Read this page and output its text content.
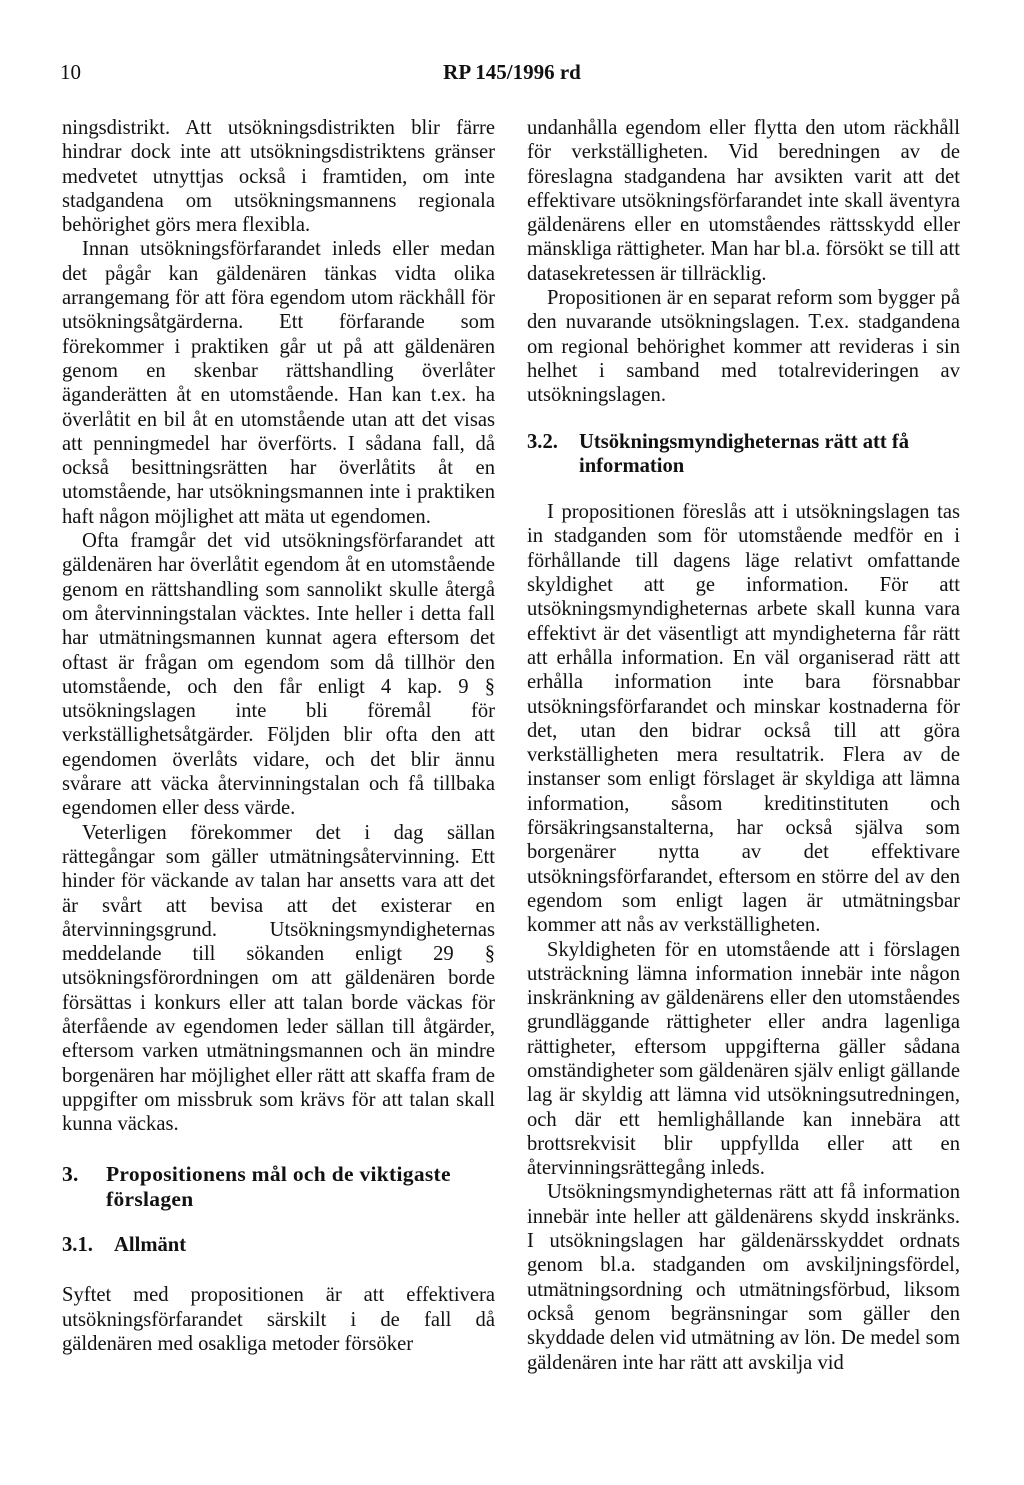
10	RP 145/1996 rd

ningsdistrikt. Att utsökningsdistrikten blir färre hindrar dock inte att utsökningsdistriktens gränser medvetet utnyttjas också i framtiden, om inte stadgandena om utsökningsmannens regionala behörighet görs mera flexibla.

Innan utsökningsförfarandet inleds eller medan det pågår kan gäldenären tänkas vidta olika arrangemang för att föra egendom utom räckhåll för utsökningsåtgärderna. Ett förfarande som förekommer i praktiken går ut på att gäldenären genom en skenbar rättshandling överlåter äganderätten åt en utomstående. Han kan t.ex. ha överlåtit en bil åt en utomstående utan att det visas att penningmedel har överförts. I sådana fall, då också besittningsrätten har överlåtits åt en utomstående, har utsökningsmannen inte i praktiken haft någon möjlighet att mäta ut egendomen.

Ofta framgår det vid utsökningsförfarandet att gäldenären har överlåtit egendom åt en utomstående genom en rättshandling som sannolikt skulle återgå om återvinningstalan väcktes. Inte heller i detta fall har utmätningsmannen kunnat agera eftersom det oftast är frågan om egendom som då tillhör den utomstående, och den får enligt 4 kap. 9 § utsökningslagen inte bli föremål för verkställighetsåtgärder. Följden blir ofta den att egendomen överlåts vidare, och det blir ännu svårare att väcka återvinningstalan och få tillbaka egendomen eller dess värde.

Veterligen förekommer det i dag sällan rättegångar som gäller utmätningsåtervinning. Ett hinder för väckande av talan har ansetts vara att det är svårt att bevisa att det existerar en återvinningsgrund. Utsökningsmyndigheternas meddelande till sökanden enligt 29 § utsökningsförordningen om att gäldenären borde försättas i konkurs eller att talan borde väckas för återfående av egendomen leder sällan till åtgärder, eftersom varken utmätningsmannen och än mindre borgenären har möjlighet eller rätt att skaffa fram de uppgifter om missbruk som krävs för att talan skall kunna väckas.

3.	Propositionens mål och de viktigaste förslagen
3.1.	Allmänt

Syftet med propositionen är att effektivera utsökningsförfarandet särskilt i de fall då gäldenären med osakliga metoder försöker

undanhålla egendom eller flytta den utom räckhåll för verkställigheten. Vid beredningen av de föreslagna stadgandena har avsikten varit att det effektivare utsökningsförfarandet inte skall äventyra gäldenärens eller en utomståendes rättsskydd eller mänskliga rättigheter. Man har bl.a. försökt se till att datasekretessen är tillräcklig.

Propositionen är en separat reform som bygger på den nuvarande utsökningslagen. T.ex. stadgandena om regional behörighet kommer att revideras i sin helhet i samband med totalrevideringen av utsökningslagen.

3.2.	Utsökningsmyndigheternas rätt att få information

I propositionen föreslås att i utsökningslagen tas in stadganden som för utomstående medför en i förhållande till dagens läge relativt omfattande skyldighet att ge information. För att utsökningsmyndigheternas arbete skall kunna vara effektivt är det väsentligt att myndigheterna får rätt att erhålla information. En väl organiserad rätt att erhålla information inte bara försnabbar utsökningsförfarandet och minskar kostnaderna för det, utan den bidrar också till att göra verkställigheten mera resultatrik. Flera av de instanser som enligt förslaget är skyldiga att lämna information, såsom kreditinstituten och försäkringsanstalterna, har också själva som borgenärer nytta av det effektivare utsökningsförfarandet, eftersom en större del av den egendom som enligt lagen är utmätningsbar kommer att nås av verkställigheten.

Skyldigheten för en utomstående att i förslagen utsträckning lämna information innebär inte någon inskränkning av gäldenärens eller den utomståendes grundläggande rättigheter eller andra lagenliga rättigheter, eftersom uppgifterna gäller sådana omständigheter som gäldenären själv enligt gällande lag är skyldig att lämna vid utsökningsutredningen, och där ett hemlighållande kan innebära att brottsrekvisit blir uppfyllda eller att en återvinningsrättegång inleds.

Utsökningsmyndigheternas rätt att få information innebär inte heller att gäldenärens skydd inskränks. I utsökningslagen har gäldenärsskyddet ordnats genom bl.a. stadganden om avskiljningsfördel, utmätningsordning och utmätningsförbud, liksom också genom begränsningar som gäller den skyddade delen vid utmätning av lön. De medel som gäldenären inte har rätt att avskilja vid
